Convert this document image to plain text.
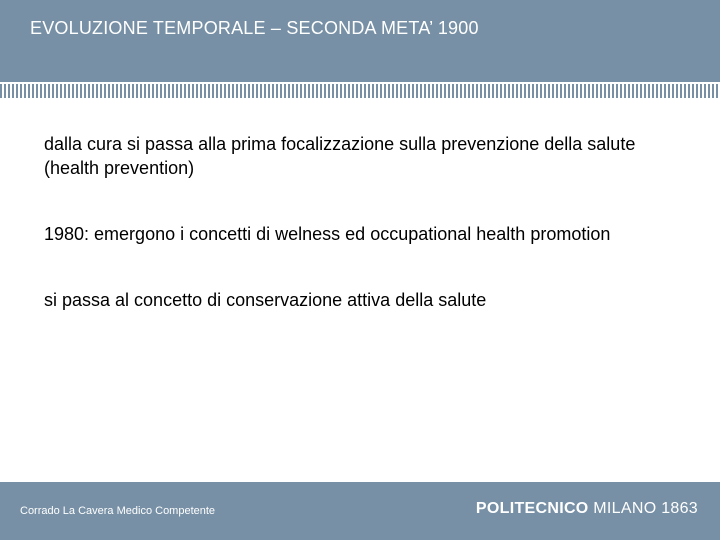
EVOLUZIONE TEMPORALE – SECONDA META’ 1900
dalla cura si passa alla prima focalizzazione sulla prevenzione della salute (health prevention)
1980: emergono i concetti di welness ed occupational health promotion
si passa al concetto di conservazione attiva della salute
Corrado La Cavera Medico Competente	POLITECNICO MILANO 1863
